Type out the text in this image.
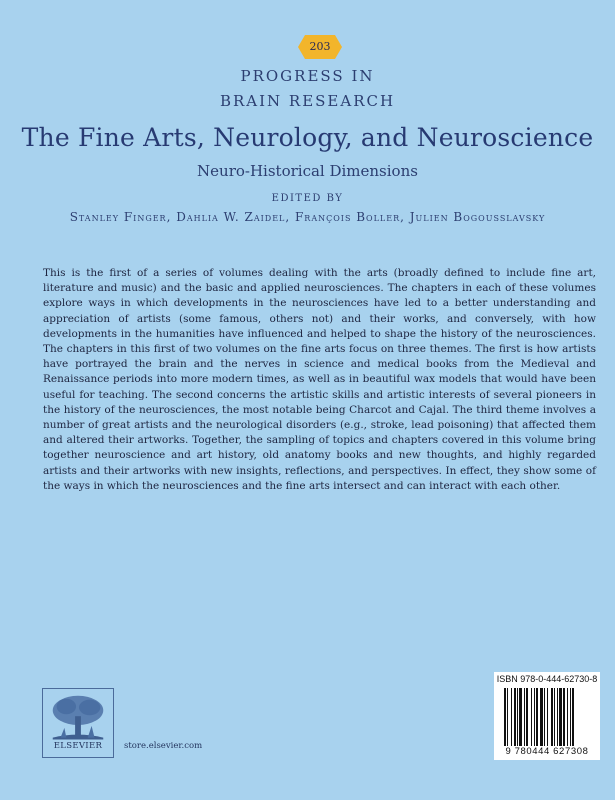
203
PROGRESS IN
BRAIN RESEARCH
The Fine Arts, Neurology, and Neuroscience
Neuro-Historical Dimensions
EDITED BY
Stanley Finger, Dahlia W. Zaidel, François Boller, Julien Bogousslavsky
This is the first of a series of volumes dealing with the arts (broadly defined to include fine art, literature and music) and the basic and applied neurosciences. The chapters in each of these volumes explore ways in which developments in the neurosciences have led to a better understanding and appreciation of artists (some famous, others not) and their works, and conversely, with how developments in the humanities have influenced and helped to shape the history of the neurosciences. The chapters in this first of two volumes on the fine arts focus on three themes. The first is how artists have portrayed the brain and the nerves in science and medical books from the Medieval and Renaissance periods into more modern times, as well as in beautiful wax models that would have been useful for teaching. The second concerns the artistic skills and artistic interests of several pioneers in the history of the neurosciences, the most notable being Charcot and Cajal. The third theme involves a number of great artists and the neurological disorders (e.g., stroke, lead poisoning) that affected them and altered their artworks. Together, the sampling of topics and chapters covered in this volume bring together neuroscience and art history, old anatomy books and new thoughts, and highly regarded artists and their artworks with new insights, reflections, and perspectives. In effect, they show some of the ways in which the neurosciences and the fine arts intersect and can interact with each other.
ELSEVIER	store.elsevier.com
ISBN 978-0-444-62730-8
9 780444 627308
